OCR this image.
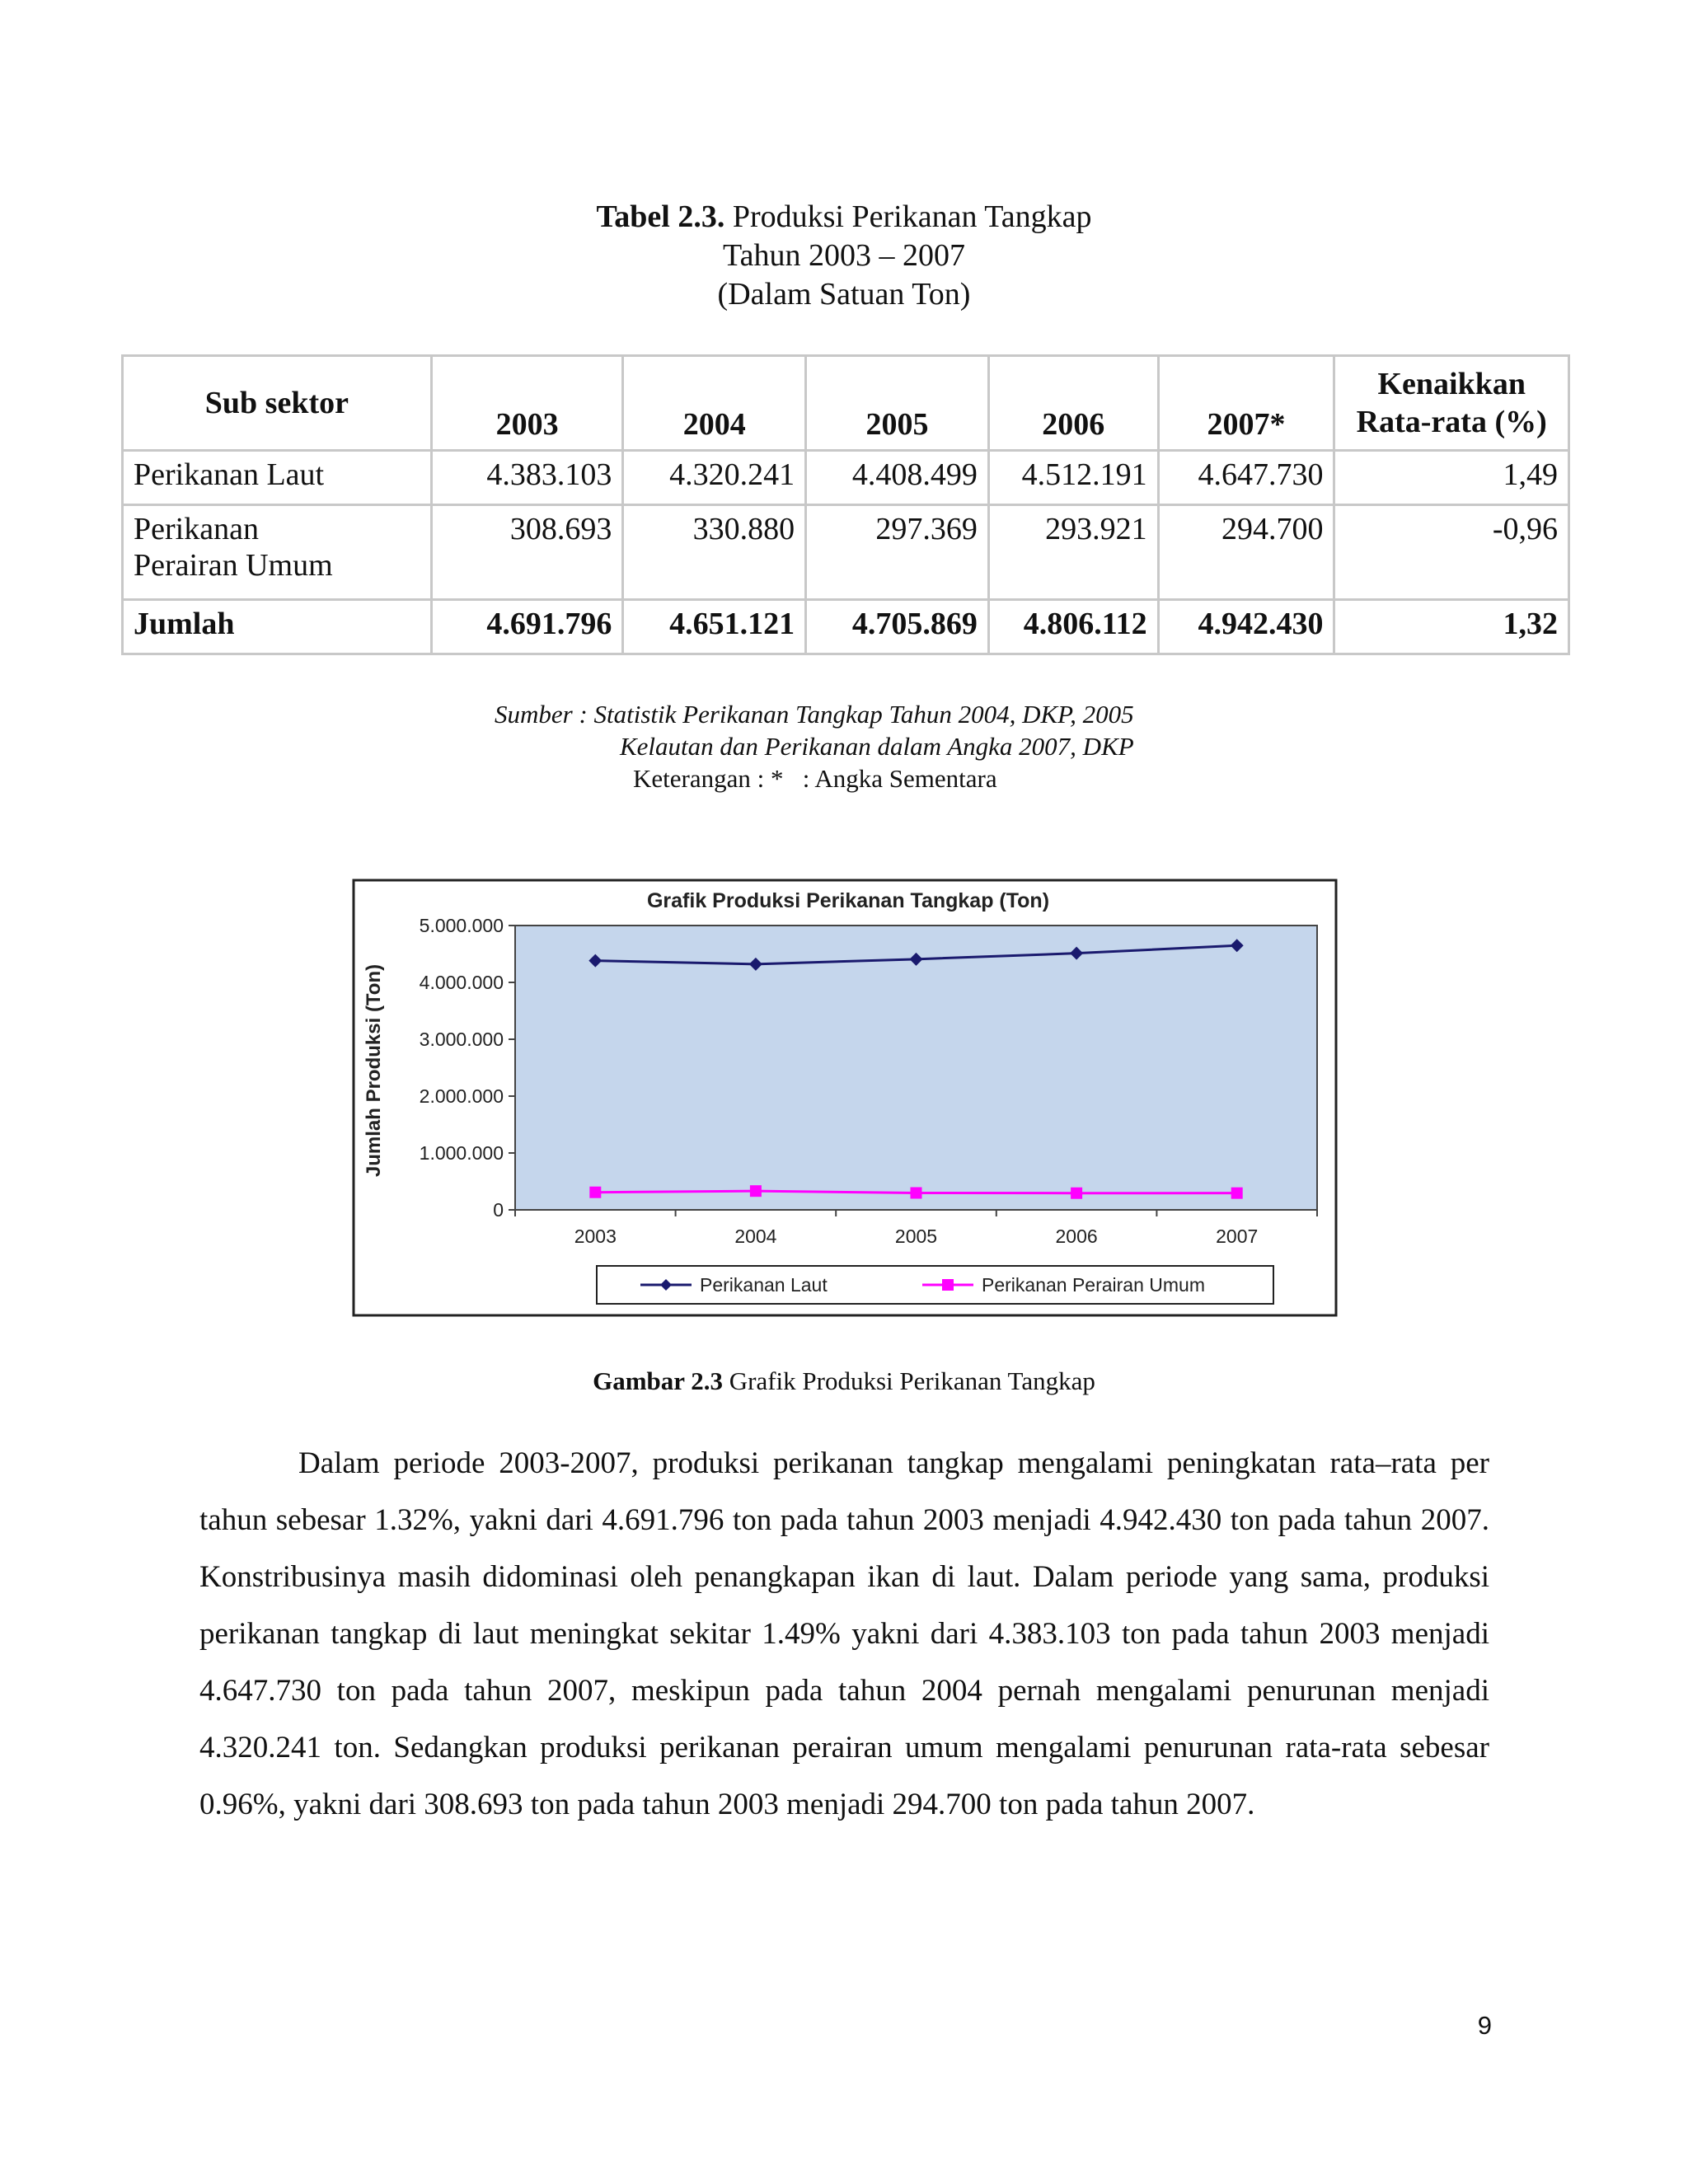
Tabel 2.3. Produksi Perikanan Tangkap
Tahun 2003 – 2007
(Dalam Satuan Ton)
Sub sektor	2003	2004	2005	2006	2007*	Kenaikkan
Rata-rata (%)

Perikanan Laut	4.383.103	4.320.241	4.408.499	4.512.191	4.647.730	1,49

Perikanan
Perairan Umum	308.693	330.880	297.369	293.921	294.700	-0,96
Jumlah	4.691.796	4.651.121	4.705.869	4.806.112	4.942.430	1,32
Sumber : Statistik Perikanan Tangkap Tahun 2004, DKP, 2005
Kelautan dan Perikanan dalam Angka 2007, DKP
Keterangan : * : Angka Sementara
Grafik Produksi Perikanan Tangkap (Ton)
Jumlah Produksi (Ton)
0
1.000.000
2.000.000
3.000.000
4.000.000
5.000.000
2003	2004	2005	2006	2007
Perikanan Laut	Perikanan Perairan Umum
Gambar 2.3 Grafik Produksi Perikanan Tangkap

Dalam periode 2003-2007, produksi perikanan tangkap mengalami peningkatan rata–rata per tahun sebesar 1.32%, yakni dari 4.691.796 ton pada tahun 2003 menjadi 4.942.430 ton pada tahun 2007. Konstribusinya masih didominasi oleh penangkapan ikan di laut. Dalam periode yang sama, produksi perikanan tangkap di laut meningkat sekitar 1.49% yakni dari 4.383.103 ton pada tahun 2003 menjadi 4.647.730 ton pada tahun 2007, meskipun pada tahun 2004 pernah mengalami penurunan menjadi 4.320.241 ton. Sedangkan produksi perikanan perairan umum mengalami penurunan rata-rata sebesar 0.96%, yakni dari 308.693 ton pada tahun 2003 menjadi 294.700 ton pada tahun 2007.

9
